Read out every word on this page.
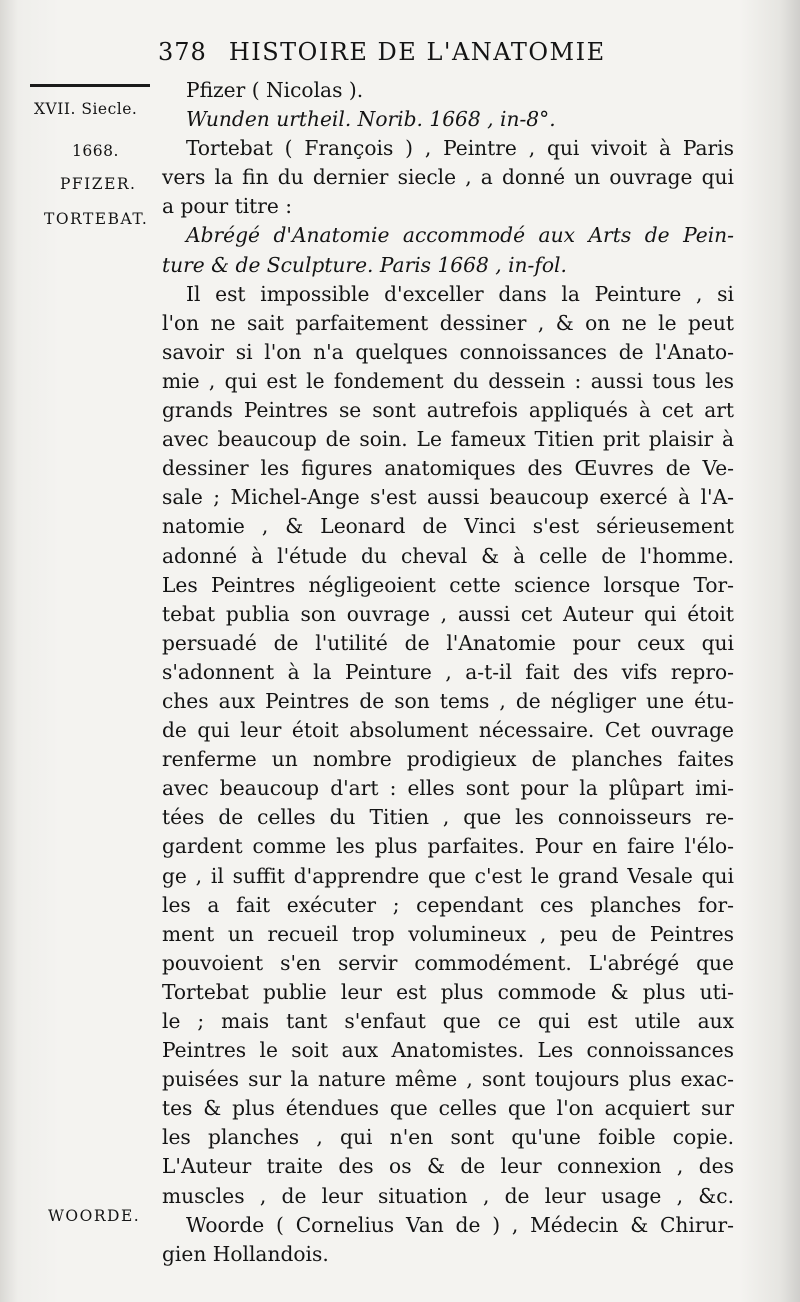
378 HISTOIRE DE L'ANATOMIE
XVII. Siecle.
1668.
PFIZER.
TORTEBAT.
WOORDE.
Pfizer ( Nicolas ).
Wunden urtheil. Norib. 1668 , in-8°.
Tortebat ( François ) , Peintre , qui vivoit à Paris
vers la fin du dernier siecle , a donné un ouvrage qui
a pour titre :
Abrégé d'Anatomie accommodé aux Arts de Pein-
ture & de Sculpture. Paris 1668 , in-fol.
Il est impossible d'exceller dans la Peinture , si
l'on ne sait parfaitement dessiner , & on ne le peut
savoir si l'on n'a quelques connoissances de l'Anato-
mie , qui est le fondement du dessein : aussi tous les
grands Peintres se sont autrefois appliqués à cet art
avec beaucoup de soin. Le fameux Titien prit plaisir à
dessiner les figures anatomiques des Œuvres de Ve-
sale ; Michel-Ange s'est aussi beaucoup exercé à l'A-
natomie , & Leonard de Vinci s'est sérieusement
adonné à l'étude du cheval & à celle de l'homme.
Les Peintres négligeoient cette science lorsque Tor-
tebat publia son ouvrage , aussi cet Auteur qui étoit
persuadé de l'utilité de l'Anatomie pour ceux qui
s'adonnent à la Peinture , a-t-il fait des vifs repro-
ches aux Peintres de son tems , de négliger une étu-
de qui leur étoit absolument nécessaire. Cet ouvrage
renferme un nombre prodigieux de planches faites
avec beaucoup d'art : elles sont pour la plûpart imi-
tées de celles du Titien , que les connoisseurs re-
gardent comme les plus parfaites. Pour en faire l'élo-
ge , il suffit d'apprendre que c'est le grand Vesale qui
les a fait exécuter ; cependant ces planches for-
ment un recueil trop volumineux , peu de Peintres
pouvoient s'en servir commodément. L'abrégé que
Tortebat publie leur est plus commode & plus uti-
le ; mais tant s'enfaut que ce qui est utile aux
Peintres le soit aux Anatomistes. Les connoissances
puisées sur la nature même , sont toujours plus exac-
tes & plus étendues que celles que l'on acquiert sur
les planches , qui n'en sont qu'une foible copie.
L'Auteur traite des os & de leur connexion , des
muscles , de leur situation , de leur usage , &c.
Woorde ( Cornelius Van de ) , Médecin & Chirur-
gien Hollandois.
